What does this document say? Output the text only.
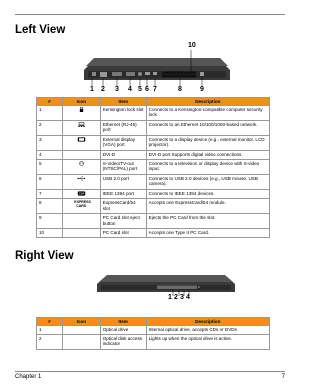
Left View
10
1 2 3 4 5 6 7	8	9
#	Icon	Item	Description
1		Kensington lock slot	Connects to a Kensington-compatible computer security lock.
2		Ethernet (RJ-45) port	Connects to an Ethernet 10/100/1000-based network.
3		External display (VGA) port	Connects to a display device (e.g., external monitor, LCD projector).
4		DVI-D	DVI-D port Supports digital video connections.
5		S-Video/TV-out (NTSC/PAL) port	Connects to a television or display device with S-video input.
6		USB 2.0 port	Connects to USB 2.0 devices (e.g., USB mouse, USB camera).
7	1394	IEEE 1394 port	Connects to IEEE 1394 devices.
8	EXPRESS CARD	ExpressCard/54 slot	Accepts one ExpressCard/54 module.
9		PC Card slot eject button	Ejects the PC Card from the slot.
10		PC Card slot	Accepts one Type II PC Card.
Right View
1 2 3 4
#	Icon	Item	Description
1		Optical drive	Internal optical drive, accepts CDs or DVDs
2		Optical disk access indicator	Lights up when the optical drive is active.
Chapter 1	7
